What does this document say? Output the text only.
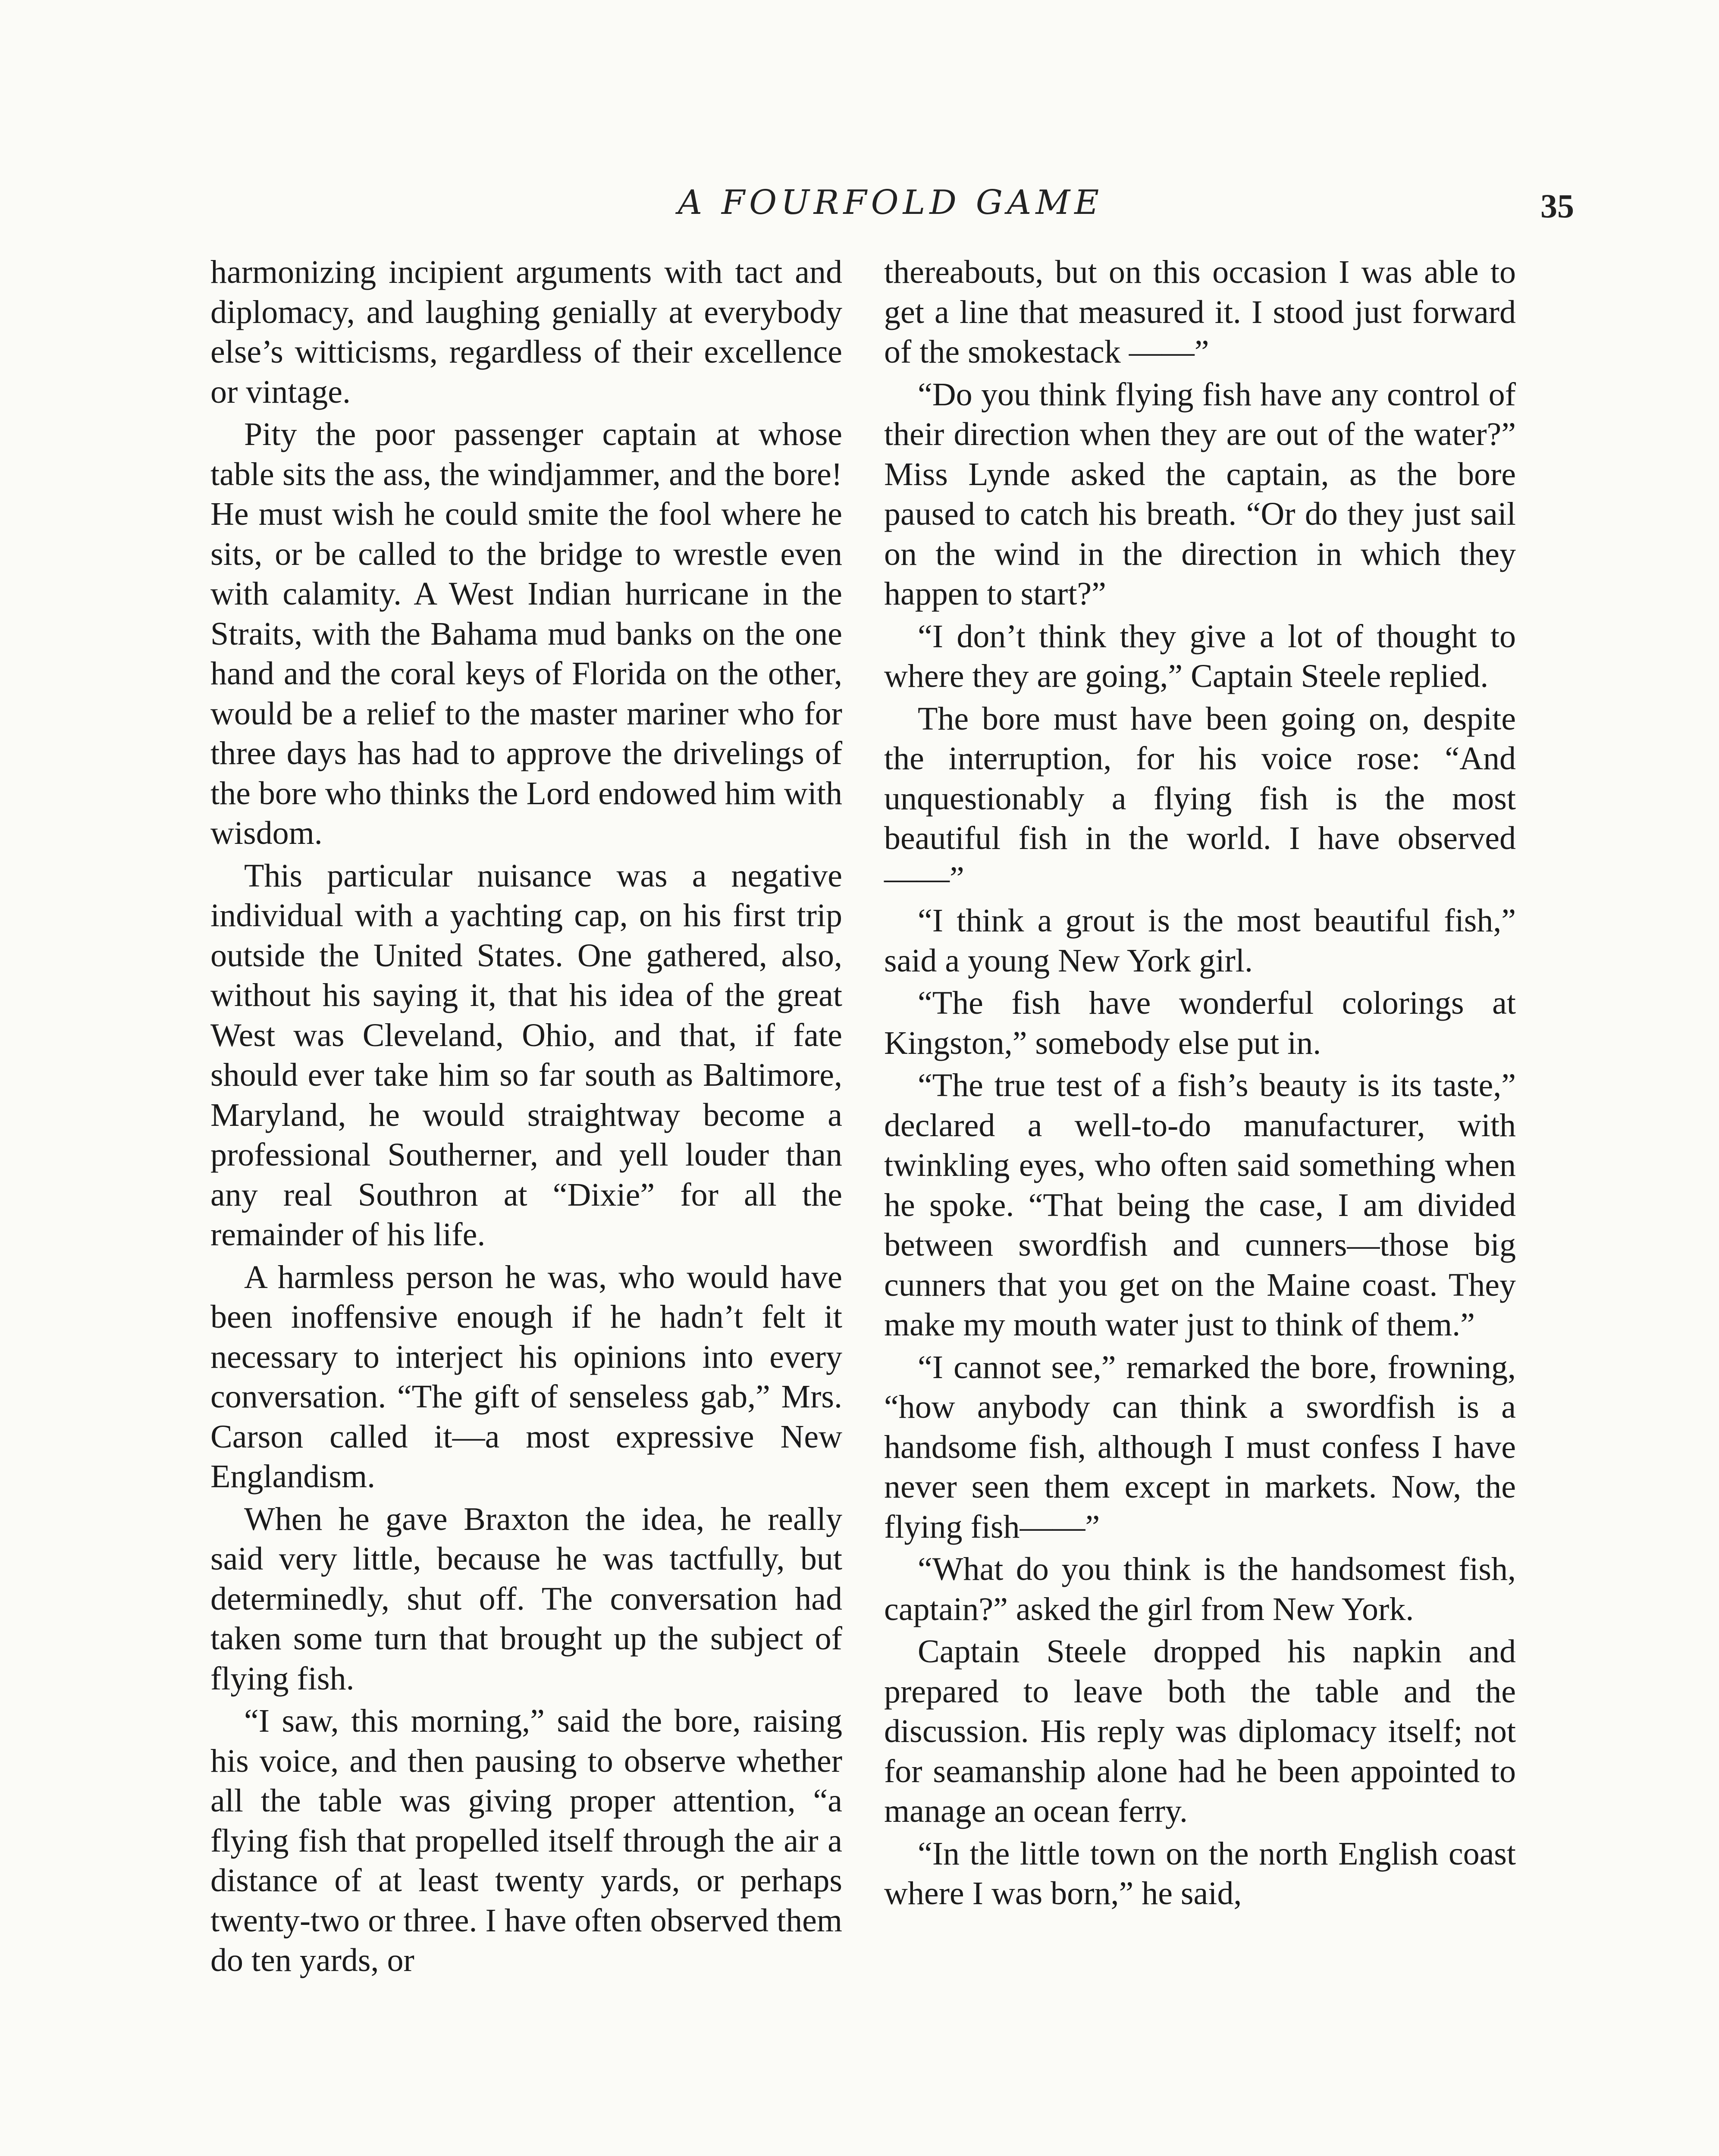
A FOURFOLD GAME	35

harmonizing incipient arguments with tact and diplomacy, and laughing genially at everybody else’s witticisms, regardless of their excellence or vintage.

Pity the poor passenger captain at whose table sits the ass, the windjammer, and the bore! He must wish he could smite the fool where he sits, or be called to the bridge to wrestle even with calamity. A West Indian hurricane in the Straits, with the Bahama mud banks on the one hand and the coral keys of Florida on the other, would be a relief to the master mariner who for three days has had to approve the drivelings of the bore who thinks the Lord endowed him with wisdom.

This particular nuisance was a negative individual with a yachting cap, on his first trip outside the United States. One gathered, also, without his saying it, that his idea of the great West was Cleveland, Ohio, and that, if fate should ever take him so far south as Baltimore, Maryland, he would straightway become a professional Southerner, and yell louder than any real Southron at “Dixie” for all the remainder of his life.

A harmless person he was, who would have been inoffensive enough if he hadn’t felt it necessary to interject his opinions into every conversation. “The gift of senseless gab,” Mrs. Carson called it—a most expressive New Englandism.

When he gave Braxton the idea, he really said very little, because he was tactfully, but determinedly, shut off. The conversation had taken some turn that brought up the subject of flying fish.

“I saw, this morning,” said the bore, raising his voice, and then pausing to observe whether all the table was giving proper attention, “a flying fish that propelled itself through the air a distance of at least twenty yards, or perhaps twenty-two or three. I have often observed them do ten yards, or

thereabouts, but on this occasion I was able to get a line that measured it. I stood just forward of the smokestack ——”

“Do you think flying fish have any control of their direction when they are out of the water?” Miss Lynde asked the captain, as the bore paused to catch his breath. “Or do they just sail on the wind in the direction in which they happen to start?”

“I don’t think they give a lot of thought to where they are going,” Captain Steele replied.

The bore must have been going on, despite the interruption, for his voice rose: “And unquestionably a flying fish is the most beautiful fish in the world. I have observed——”

“I think a grout is the most beautiful fish,” said a young New York girl.

“The fish have wonderful colorings at Kingston,” somebody else put in.

“The true test of a fish’s beauty is its taste,” declared a well-to-do manufacturer, with twinkling eyes, who often said something when he spoke. “That being the case, I am divided between swordfish and cunners—those big cunners that you get on the Maine coast. They make my mouth water just to think of them.”

“I cannot see,” remarked the bore, frowning, “how anybody can think a swordfish is a handsome fish, although I must confess I have never seen them except in markets. Now, the flying fish——”

“What do you think is the handsomest fish, captain?” asked the girl from New York.

Captain Steele dropped his napkin and prepared to leave both the table and the discussion. His reply was diplomacy itself; not for seamanship alone had he been appointed to manage an ocean ferry.

“In the little town on the north English coast where I was born,” he said,
